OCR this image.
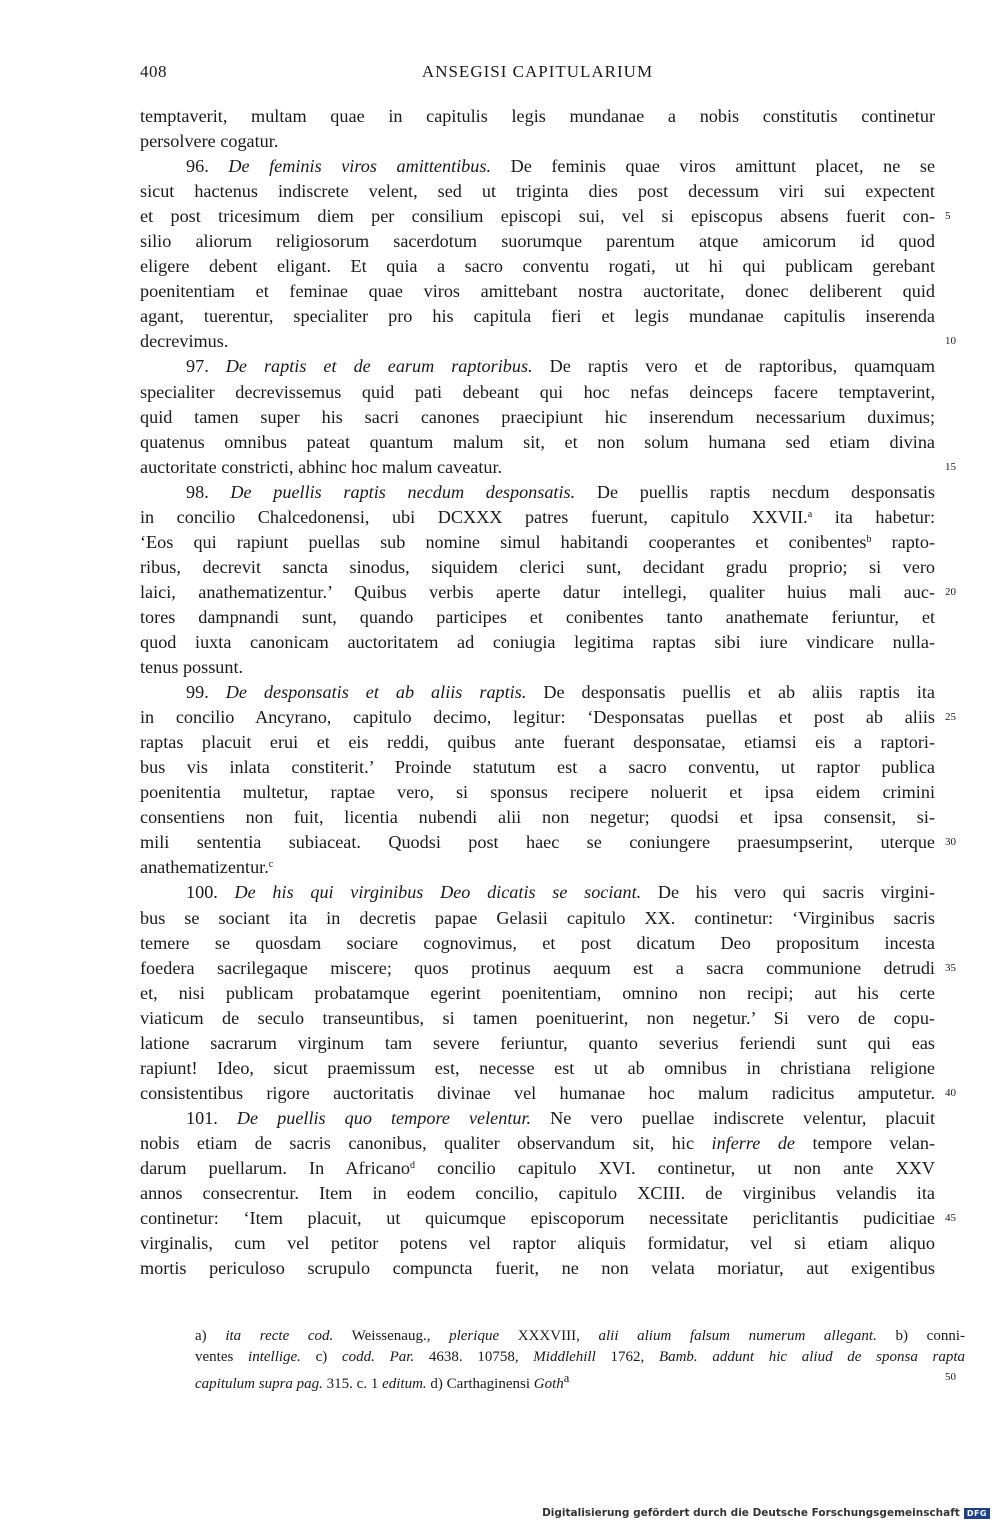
408	ANSEGISI CAPITULARIUM
temptaverit, multam quae in capitulis legis mundanae a nobis constitutis continetur
persolvere cogatur.
96. De feminis viros amittentibus. De feminis quae viros amittunt placet, ne se
sicut hactenus indiscrete velent, sed ut triginta dies post decessum viri sui expectent
et post tricesimum diem per consilium episcopi sui, vel si episcopus absens fuerit con-
silio aliorum religiosorum sacerdotum suorumque parentum atque amicorum id quod
eligere debent eligant. Et quia a sacro conventu rogati, ut hi qui publicam gerebant
poenitentiam et feminae quae viros amittebant nostra auctoritate, donec deliberent quid
agant, tuerentur, specialiter pro his capitula fieri et legis mundanae capitulis inserenda
decrevimus.
97. De raptis et de earum raptoribus. De raptis vero et de raptoribus, quamquam
specialiter decrevissemus quid pati debeant qui hoc nefas deinceps facere temptaverint,
quid tamen super his sacri canones praecipiunt hic inserendum necessarium duximus;
quatenus omnibus pateat quantum malum sit, et non solum humana sed etiam divina
auctoritate constricti, abhinc hoc malum caveatur.
98. De puellis raptis necdum desponsatis. De puellis raptis necdum desponsatis
in concilio Chalcedonensi, ubi DCXXX patres fuerunt, capitulo XXVII.$^a$ ita habetur:
‘Eos qui rapiunt puellas sub nomine simul habitandi cooperantes et conibentes$^b$ rapto-
ribus, decrevit sancta sinodus, siquidem clerici sunt, decidant gradu proprio; si vero
laici, anathematizentur.’ Quibus verbis aperte datur intellegi, qualiter huius mali auc-
tores dampnandi sunt, quando participes et conibentes tanto anathemate feriuntur, et
quod iuxta canonicam auctoritatem ad coniugia legitima raptas sibi iure vindicare nulla-
tenus possunt.
99. De desponsatis et ab aliis raptis. De desponsatis puellis et ab aliis raptis ita
in concilio Ancyrano, capitulo decimo, legitur: ‘Desponsatas puellas et post ab aliis
raptas placuit erui et eis reddi, quibus ante fuerant desponsatae, etiamsi eis a raptori-
bus vis inlata constiterit.’ Proinde statutum est a sacro conventu, ut raptor publica
poenitentia multetur, raptae vero, si sponsus recipere noluerit et ipsa eidem crimini
consentiens non fuit, licentia nubendi alii non negetur; quodsi et ipsa consensit, si-
mili sententia subiaceat. Quodsi post haec se coniungere praesumpserint, uterque
anathematizentur.$^c$
100. De his qui virginibus Deo dicatis se sociant. De his vero qui sacris virgini-
bus se sociant ita in decretis papae Gelasii capitulo XX. continetur: ‘Virginibus sacris
temere se quosdam sociare cognovimus, et post dicatum Deo propositum incesta
foedera sacrilegaque miscere; quos protinus aequum est a sacra communione detrudi
et, nisi publicam probatamque egerint poenitentiam, omnino non recipi; aut his certe
viaticum de seculo transeuntibus, si tamen poenituerint, non negetur.’ Si vero de copu-
latione sacrarum virginum tam severe feriuntur, quanto severius feriendi sunt qui eas
rapiunt! Ideo, sicut praemissum est, necesse est ut ab omnibus in christiana religione
consistentibus rigore auctoritatis divinae vel humanae hoc malum radicitus amputetur.
101. De puellis quo tempore velentur. Ne vero puellae indiscrete velentur, placuit
nobis etiam de sacris canonibus, qualiter observandum sit, hic inferre de tempore velan-
darum puellarum. In Africano$^d$ concilio capitulo XVI. continetur, ut non ante XXV
annos consecrentur. Item in eodem concilio, capitulo XCIII. de virginibus velandis ita
continetur: ‘Item placuit, ut quicumque episcoporum necessitate periclitantis pudicitiae
virginalis, cum vel petitor potens vel raptor aliquis formidatur, vel si etiam aliquo
mortis periculoso scrupulo compuncta fuerit, ne non velata moriatur, aut exigentibus
5
10
15
20
25
30
35
40
45
a) ita recte cod. Weissenaug., plerique XXXVIII, alii alium falsum numerum allegant. b) conni-
ventes intellige. c) codd. Par. 4638. 10758, Middlehill 1762, Bamb. addunt hic aliud de sponsa rapta
capitulum supra pag. 315. c. 1 editum. d) Carthaginensi Goth$^a$	50
Digitalisierung gefördert durch die Deutsche Forschungsgemeinschaft DFG
